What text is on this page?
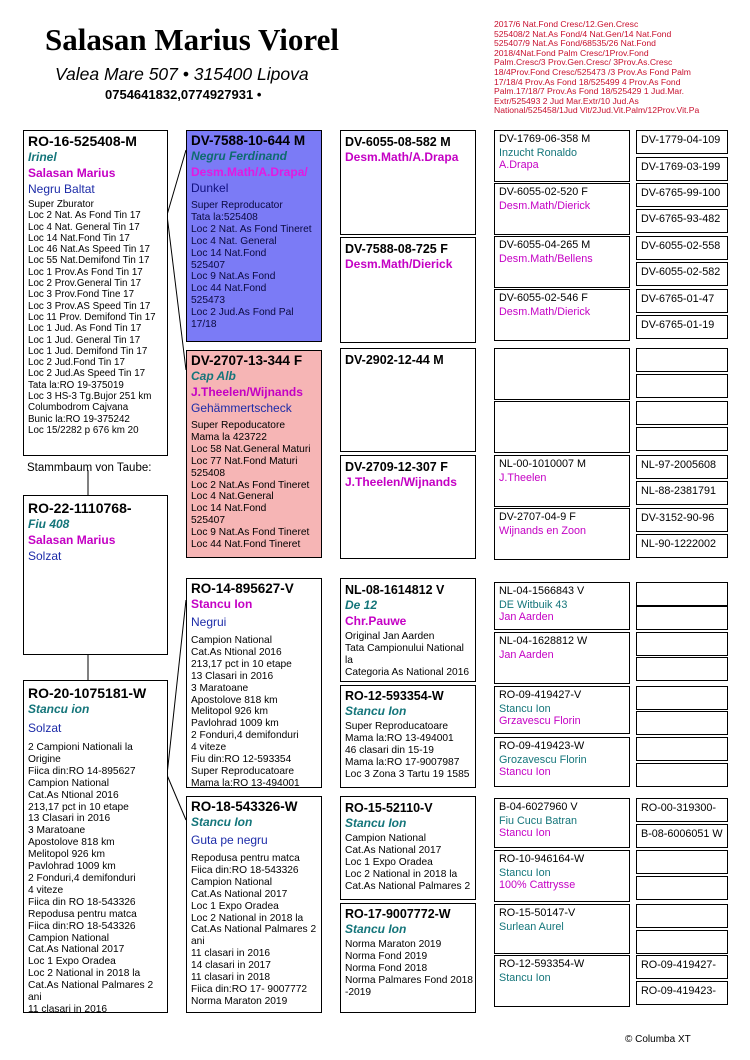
Salasan Marius Viorel
Valea Mare 507 • 315400 Lipova
0754641832,0774927931 •
2017/6 Nat.Fond Cresc/12.Gen.Cresc
525408/2 Nat.As Fond/4 Nat.Gen/14 Nat.Fond
525407/9 Nat.As Fond/68535/26 Nat.Fond
2018/4Nat.Fond Palm Cresc/1Prov.Fond
Palm.Cresc/3 Prov.Gen.Cresc/ 3Prov.As.Cresc
18/4Prov.Fond Cresc/525473 /3 Prov.As Fond Palm
17/18/4 Prov.As Fond 18/525499 4 Prov.As Fond
Palm.17/18/7 Prov.As Fond 18/525429 1 Jud.Mar.
Extr/525493 2 Jud Mar.Extr/10 Jud.As
National/525458/1Jud Vit/2Jud.Vit.Palm/12Prov.Vit.Pa
RO-16-525408-M
Irinel
Salasan Marius
Negru Baltat
Super Zburator
Loc 2 Nat. As Fond Tin 17
Loc 4 Nat. General Tin 17
Loc 14 Nat.Fond Tin 17
Loc 46 Nat.As Speed Tin 17
Loc 55 Nat.Demifond Tin 17
Loc 1 Prov.As Fond Tin 17
Loc 2 Prov.General Tin 17
Loc 3 Prov.Fond Tine 17
Loc 3 Prov.AS Speed Tin 17
Loc 11 Prov. Demifond Tin 17
Loc 1 Jud. As Fond Tin 17
Loc 1 Jud. General Tin 17
Loc 1 Jud. Demifond Tin 17
Loc 2 Jud.Fond Tin 17
Loc 2 Jud.As Speed Tin 17
Tata la:RO 19-375019
Loc 3 HS-3 Tg.Bujor 251 km
Columbodrom Cajvana
Bunic la:RO 19-375242
Loc 15/2282 p 676 km 20
Stammbaum von Taube:
RO-22-1110768-
Fiu 408
Salasan Marius
Solzat
RO-20-1075181-W
Stancu ion
Solzat
2 Campioni Nationali la
Origine
Fiica din:RO 14-895627
Campion National
Cat.As Ntional 2016
213,17 pct in 10 etape
13 Clasari in 2016
3 Maratoane
Apostolove 818 km
Melitopol 926 km
Pavlohrad 1009 km
2 Fonduri,4 demifonduri
4 viteze
Fiica din RO 18-543326
Repodusa pentru matca
Fiica din:RO 18-543326
Campion National
Cat.As National 2017
Loc 1 Expo Oradea
Loc 2 National in 2018 la
Cat.As National Palmares 2
ani
11 clasari in 2016
DV-7588-10-644 M
Negru Ferdinand
Desm.Math/A.Drapa/
Dunkel
Super Reproducator
Tata la:525408
Loc 2 Nat. As Fond Tineret
Loc 4 Nat. General
Loc 14 Nat.Fond
525407
Loc 9 Nat.As Fond
Loc 44 Nat.Fond
525473
Loc 2 Jud.As Fond Pal
17/18
DV-2707-13-344 F
Cap Alb
J.Theelen/Wijnands
Gehämmertscheck
Super Repoducatore
Mama la 423722
Loc 58 Nat.General Maturi
Loc 77 Nat.Fond Maturi
525408
Loc 2 Nat.As Fond Tineret
Loc 4 Nat.General
Loc 14 Nat.Fond
525407
Loc 9 Nat.As Fond Tineret
Loc 44 Nat.Fond Tineret
RO-14-895627-V
Stancu Ion
Negrui
Campion National
Cat.As Ntional 2016
213,17 pct in 10 etape
13 Clasari in 2016
3 Maratoane
Apostolove 818 km
Melitopol 926 km
Pavlohrad 1009 km
2 Fonduri,4 demifonduri
4 viteze
Fiu din:RO 12-593354
Super Reproducatoare
Mama la:RO 13-494001
RO-18-543326-W
Stancu Ion
Guta pe negru
Repodusa pentru matca
Fiica din:RO 18-543326
Campion National
Cat.As National 2017
Loc 1 Expo Oradea
Loc 2 National in 2018 la
Cat.As National Palmares 2
ani
11 clasari in 2016
14 clasari in 2017
11 clasari in 2018
Fiica din:RO 17- 9007772
Norma Maraton 2019
DV-6055-08-582 M
Desm.Math/A.Drapa
DV-7588-08-725 F
Desm.Math/Dierick
DV-2902-12-44 M
DV-2709-12-307 F
J.Theelen/Wijnands
NL-08-1614812 V
De 12
Chr.Pauwe
Original Jan Aarden
Tata Campionului National
la
Categoria As National 2016
RO-12-593354-W
Stancu Ion
Super Reproducatoare
Mama la:RO 13-494001
46 clasari din 15-19
Mama la:RO 17-9007987
Loc 3 Zona 3 Tartu 19 1585
RO-15-52110-V
Stancu Ion
Campion National
Cat.As National 2017
Loc 1 Expo Oradea
Loc 2 National in 2018 la
Cat.As National Palmares 2
RO-17-9007772-W
Stancu Ion
Norma Maraton 2019
Norma Fond 2019
Norma Fond 2018
Norma Palmares Fond 2018
-2019
DV-1769-06-358 M
Inzucht Ronaldo
A.Drapa
DV-6055-02-520 F
Desm.Math/Dierick
DV-6055-04-265 M
Desm.Math/Bellens
DV-6055-02-546 F
Desm.Math/Dierick
NL-00-1010007 M
J.Theelen
DV-2707-04-9 F
Wijnands en Zoon
NL-04-1566843 V
DE Witbuik 43
Jan Aarden
NL-04-1628812 W
Jan Aarden
RO-09-419427-V
Stancu Ion
Grzavescu Florin
RO-09-419423-W
Grozavescu Florin
Stancu Ion
B-04-6027960 V
Fiu Cucu Batran
Stancu Ion
RO-10-946164-W
Stancu Ion
100% Cattrysse
RO-15-50147-V
Surlean Aurel
RO-12-593354-W
Stancu Ion
DV-1779-04-109
DV-1769-03-199
DV-6765-99-100
DV-6765-93-482
DV-6055-02-558
DV-6055-02-582
DV-6765-01-47
DV-6765-01-19
NL-97-2005608
NL-88-2381791
DV-3152-90-96
NL-90-1222002
RO-00-319300-
B-08-6006051 W
RO-09-419427-
RO-09-419423-
© Columba XT
